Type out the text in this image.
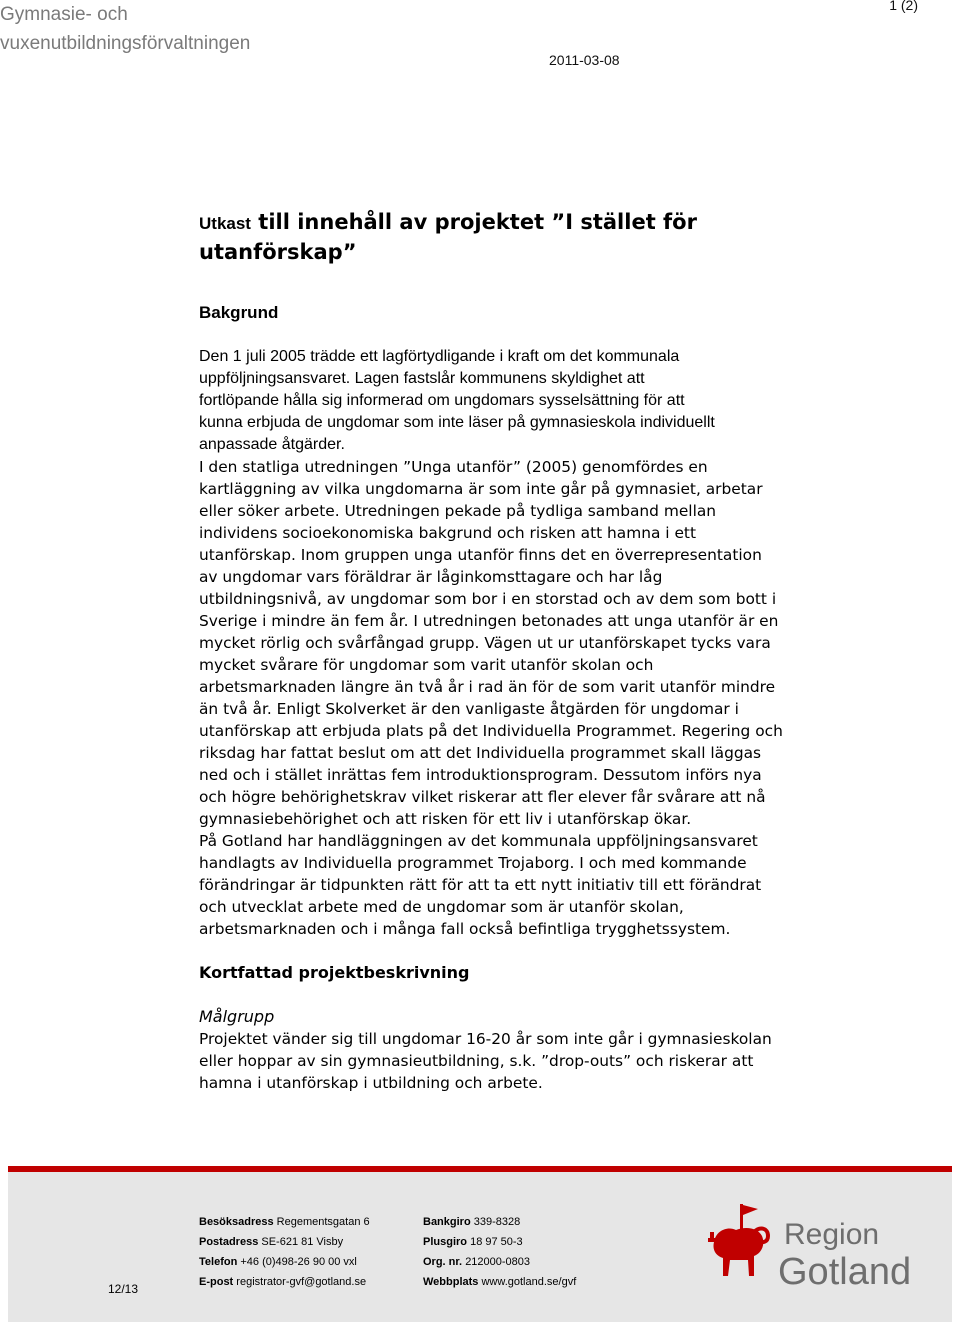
Gymnasie- och
vuxenutbildningsförvaltningen
1 (2)
2011-03-08
Utkast till innehåll av projektet ”I stället för
utanförskap”
Bakgrund
Den 1 juli 2005 trädde ett lagförtydligande i kraft om det kommunala
uppföljningsansvaret. Lagen fastslår kommunens skyldighet att
fortlöpande hålla sig informerad om ungdomars sysselsättning för att
kunna erbjuda de ungdomar som inte läser på gymnasieskola individuellt
anpassade åtgärder.
I den statliga utredningen ”Unga utanför” (2005) genomfördes en
kartläggning av vilka ungdomarna är som inte går på gymnasiet, arbetar
eller söker arbete. Utredningen pekade på tydliga samband mellan
individens socioekonomiska bakgrund och risken att hamna i ett
utanförskap. Inom gruppen unga utanför finns det en överrepresentation
av ungdomar vars föräldrar är låginkomsttagare och har låg
utbildningsnivå, av ungdomar som bor i en storstad och av dem som bott i
Sverige i mindre än fem år. I utredningen betonades att unga utanför är en
mycket rörlig och svårfångad grupp. Vägen ut ur utanförskapet tycks vara
mycket svårare för ungdomar som varit utanför skolan och
arbetsmarknaden längre än två år i rad än för de som varit utanför mindre
än två år. Enligt Skolverket är den vanligaste åtgärden för ungdomar i
utanförskap att erbjuda plats på det Individuella Programmet. Regering och
riksdag har fattat beslut om att det Individuella programmet skall läggas
ned och i stället inrättas fem introduktionsprogram. Dessutom införs nya
och högre behörighetskrav vilket riskerar att fler elever får svårare att nå
gymnasiebehörighet och att risken för ett liv i utanförskap ökar.
På Gotland har handläggningen av det kommunala uppföljningsansvaret
handlagts av Individuella programmet Trojaborg. I och med kommande
förändringar är tidpunkten rätt för att ta ett nytt initiativ till ett förändrat
och utvecklat arbete med de ungdomar som är utanför skolan,
arbetsmarknaden och i många fall också befintliga trygghetssystem.
Kortfattad projektbeskrivning
Målgrupp
Projektet vänder sig till ungdomar 16-20 år som inte går i gymnasieskolan
eller hoppar av sin gymnasieutbildning, s.k. ”drop-outs” och riskerar att
hamna i utanförskap i utbildning och arbete.
12/13
Besöksadress Regementsgatan 6
Postadress SE-621 81 Visby
Telefon +46 (0)498-26 90 00 vxl
E-post registrator-gvf@gotland.se
Bankgiro 339-8328
Plusgiro 18 97 50-3
Org. nr. 212000-0803
Webbplats www.gotland.se/gvf
Region
Gotland
